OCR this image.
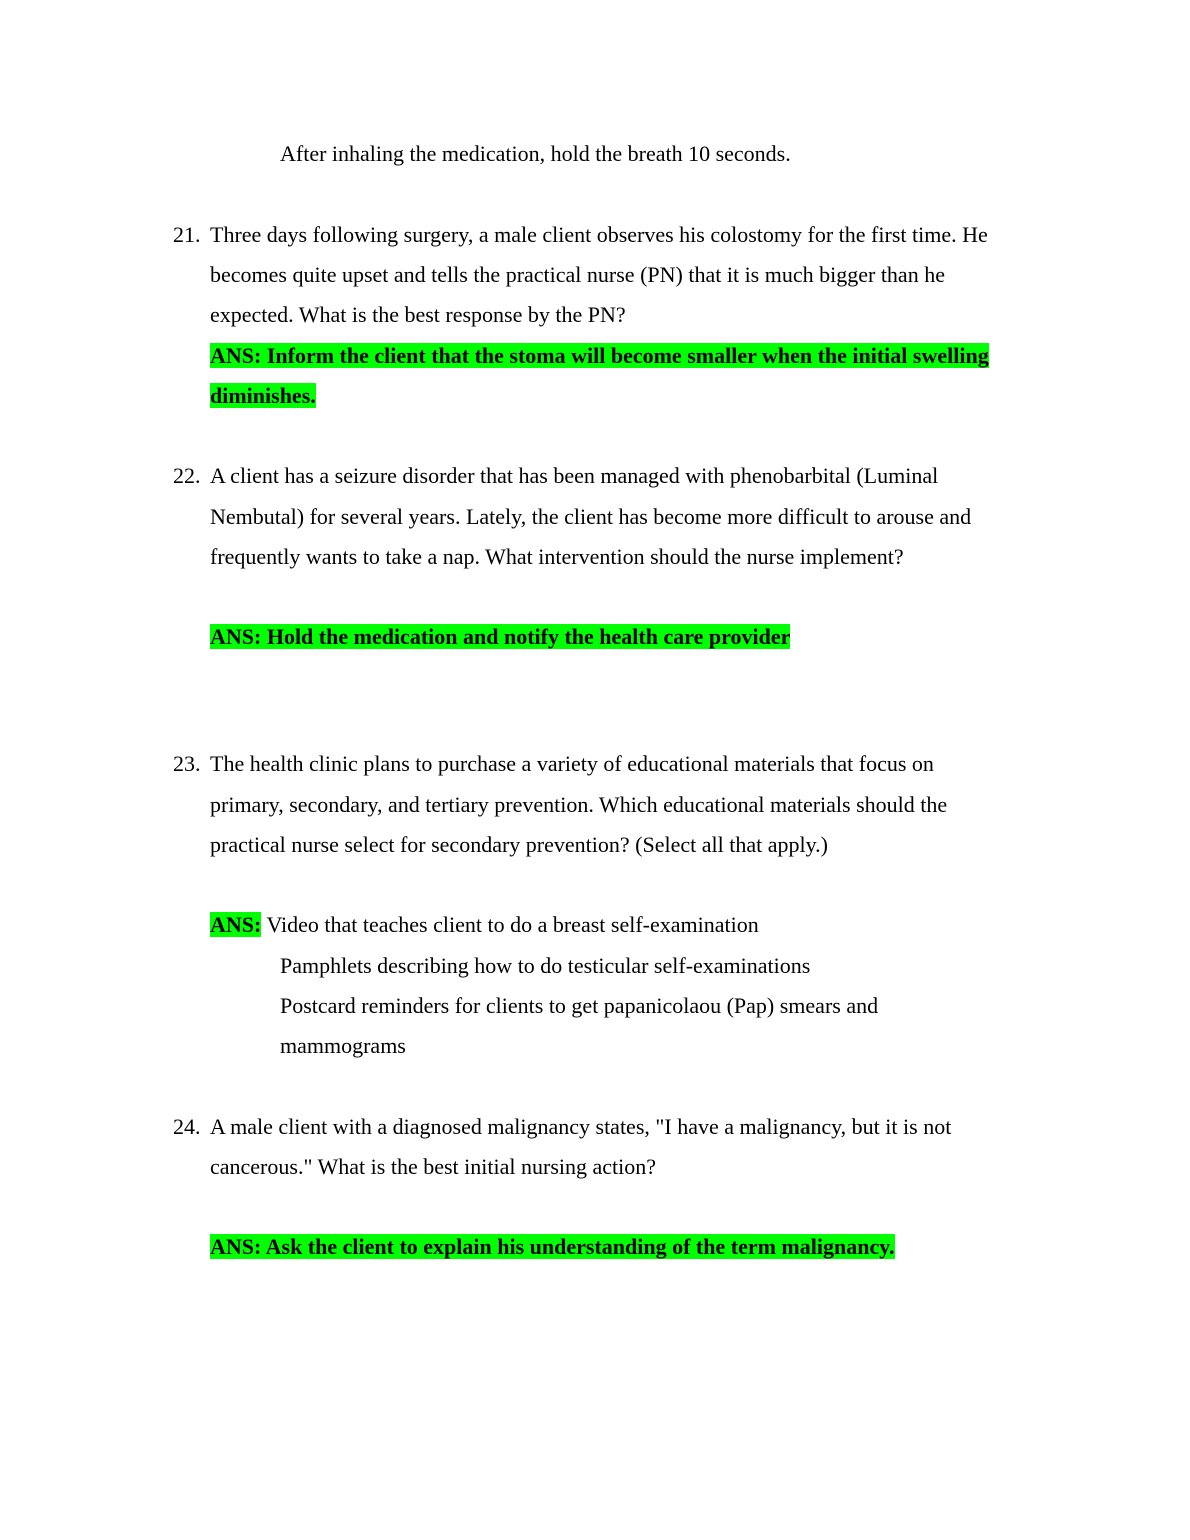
After inhaling the medication, hold the breath 10 seconds.
21. Three days following surgery, a male client observes his colostomy for the first time. He
becomes quite upset and tells the practical nurse (PN) that it is much bigger than he
expected. What is the best response by the PN?
ANS: Inform the client that the stoma will become smaller when the initial swelling
diminishes.
22. A client has a seizure disorder that has been managed with phenobarbital (Luminal
Nembutal) for several years. Lately, the client has become more difficult to arouse and
frequently wants to take a nap. What intervention should the nurse implement?
ANS: Hold the medication and notify the health care provider
23. The health clinic plans to purchase a variety of educational materials that focus on
primary, secondary, and tertiary prevention. Which educational materials should the
practical nurse select for secondary prevention? (Select all that apply.)
ANS: Video that teaches client to do a breast self-examination
Pamphlets describing how to do testicular self-examinations
Postcard reminders for clients to get papanicolaou (Pap) smears and
mammograms
24. A male client with a diagnosed malignancy states, "I have a malignancy, but it is not
cancerous." What is the best initial nursing action?
ANS: Ask the client to explain his understanding of the term malignancy.
